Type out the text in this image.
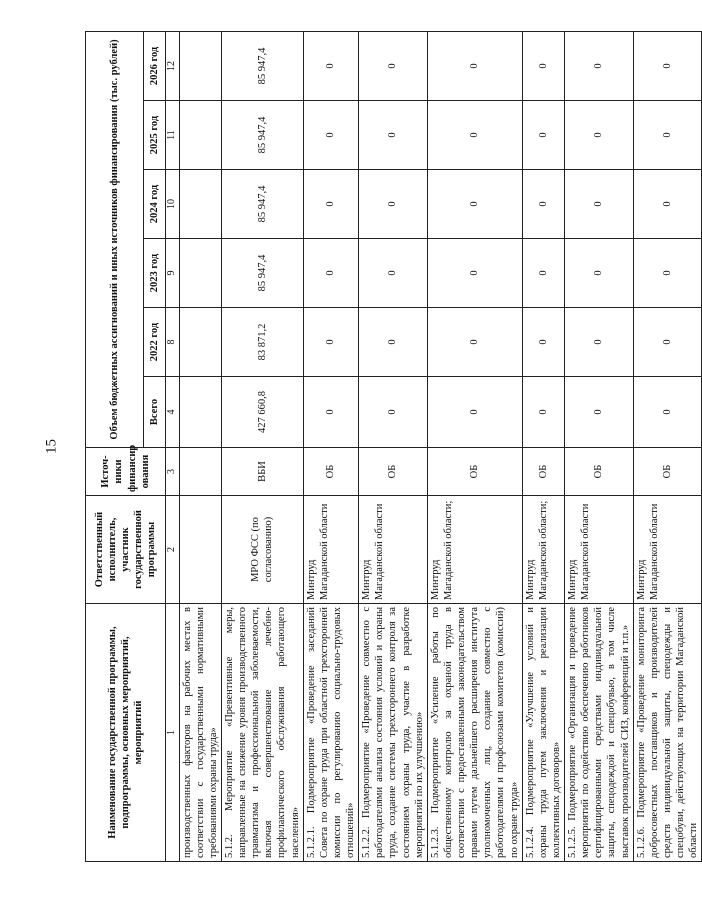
15
Наименование государственной программы, подпрограммы, основных мероприятий, мероприятий	Ответственный исполнитель, участник государственной программы	Источ-ники финансир ования	Объем бюджетных ассигнований и иных источников финансирования (тыс. рублей)					
			Всего	2022 год	2023 год	2024 год	2025 год	2026 год
1	2	3	4	8	9	10	11	12
производственных факторов на рабочих местах в соответствии с государственными нормативными требованиями охраны труда»								
5.1.2. Мероприятие «Превентивные меры, направленные на снижение уровня производственного травматизма и профессиональной заболеваемости, включая совершенствование лечебно-профилактического обслуживания работающего населения»	МРО ФСС (по согласованию)	ВБИ	427 660,8	83 871,2	85 947,4	85 947,4	85 947,4	85 947,4
5.1.2.1. Подмероприятие «Проведение заседаний Совета по охране труда при областной трехсторонней комиссии по регулированию социально-трудовых отношений»	Минтруд Магаданской области	ОБ	0	0	0	0	0	0
5.1.2.2. Подмероприятие «Проведение совместно с работодателями анализа состояния условий и охраны труда, создание системы трехстороннего контроля за состоянием охраны труда, участие в разработке мероприятий по их улучшению»	Минтруд Магаданской области	ОБ	0	0	0	0	0	0
5.1.2.3. Подмероприятие «Усиление работы по общественному контролю за охраной труда в соответствии с предоставленными законодательством правами путем дальнейшего расширения института уполномоченных лиц, создание совместно с работодателями и профсоюзами комитетов (комиссий) по охране труда»	Минтруд Магаданской области;	ОБ	0	0	0	0	0	0
5.1.2.4. Подмероприятие «Улучшение условий и охраны труда путем заключения и реализации коллективных договоров»	Минтруд Магаданской области;	ОБ	0	0	0	0	0	0
5.1.2.5. Подмероприятие «Организация и проведение мероприятий по содействию обеспечению работников сертифицированными средствами индивидуальной защиты, спецодеждой и спецобувью, в том числе выставок производителей СИЗ, конференций и т.п.»	Минтруд Магаданской области	ОБ	0	0	0	0	0	0
5.1.2.6. Подмероприятие «Проведение мониторинга добросовестных поставщиков и производителей средств индивидуальной защиты, спецодежды и спецобуви, действующих на территории Магаданской области	Минтруд Магаданской области	ОБ	0	0	0	0	0	0
